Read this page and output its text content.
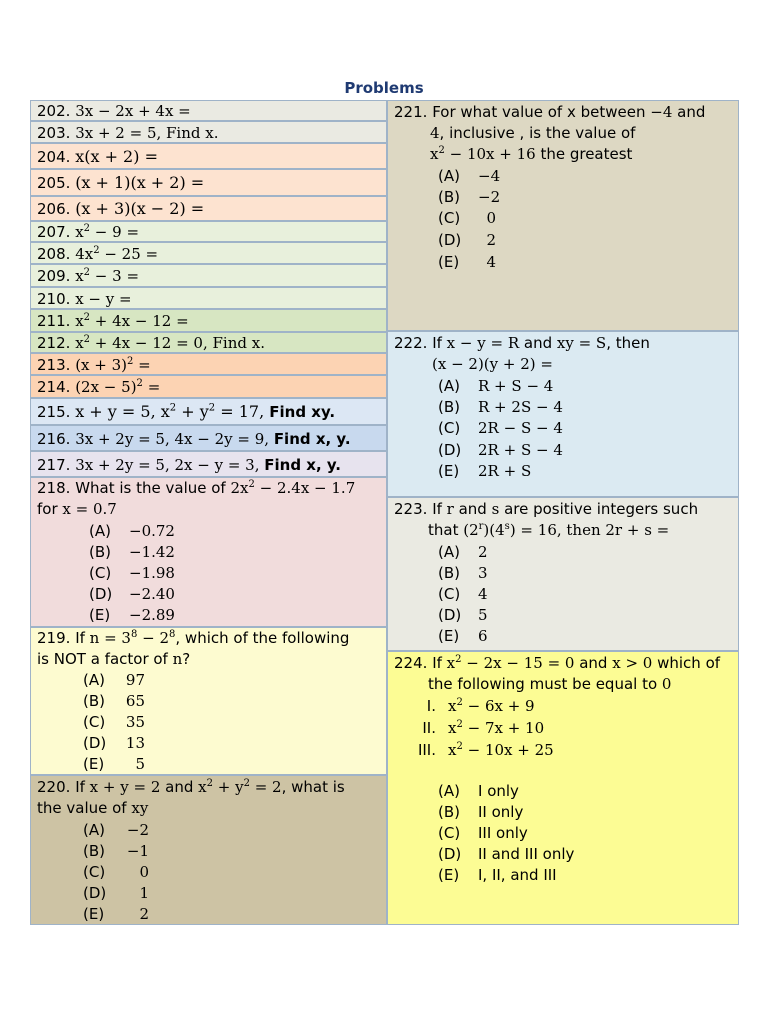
Problems
202. 3x − 2x + 4x =
203. 3x + 2 = 5, Find x.
204. x(x + 2) =
205. (x + 1)(x + 2) =
206. (x + 3)(x − 2) =
207. $x^2 - 9$ =
208. $4x^2 - 25$ =
209. $x^2 - 3$ =
210. x − y =
211. $x^2 + 4x - 12$ =
212. $x^2 + 4x - 12 = 0$, Find x.
213. $(x + 3)^2$ =
214. $(2x - 5)^2$ =
215. x + y = 5, $x^2 + y^2 = 17$, Find xy.
216. 3x + 2y = 5, 4x − 2y = 9, Find x, y.
217. 3x + 2y = 5, 2x − y = 3, Find x, y.
218. What is the value of $2x^2 - 2.4x - 1.7$
for x = 0.7
(A) −0.72
(B) −1.42
(C) −1.98
(D) −2.40
(E) −2.89
219. If $n = 3^8 - 2^8$, which of the following
is NOT a factor of n?
(A) 97
(B) 65
(C) 35
(D) 13
(E) 5
220. If x + y = 2 and $x^2 + y^2 = 2$, what is
the value of xy
(A) −2
(B) −1
(C) 0
(D) 1
(E) 2
221. For what value of x between −4 and
4, inclusive , is the value of
$x^2 - 10x + 16$ the greatest
(A) −4
(B) −2
(C) 0
(D) 2
(E) 4
222. If x − y = R and xy = S, then
(x − 2)(y + 2) =
(A) R + S − 4
(B) R + 2S − 4
(C) 2R − S − 4
(D) 2R + S − 4
(E) 2R + S
223. If r and s are positive integers such
that $(2^r)(4^s) = 16$, then 2r + s =
(A) 2
(B) 3
(C) 4
(D) 5
(E) 6
224. If $x^2 - 2x - 15 = 0$ and x > 0 which of
the following must be equal to 0
I. $x^2 - 6x + 9$
II. $x^2 - 7x + 10$
III. $x^2 - 10x + 25$
(A) I only
(B) II only
(C) III only
(D) II and III only
(E) I, II, and III
